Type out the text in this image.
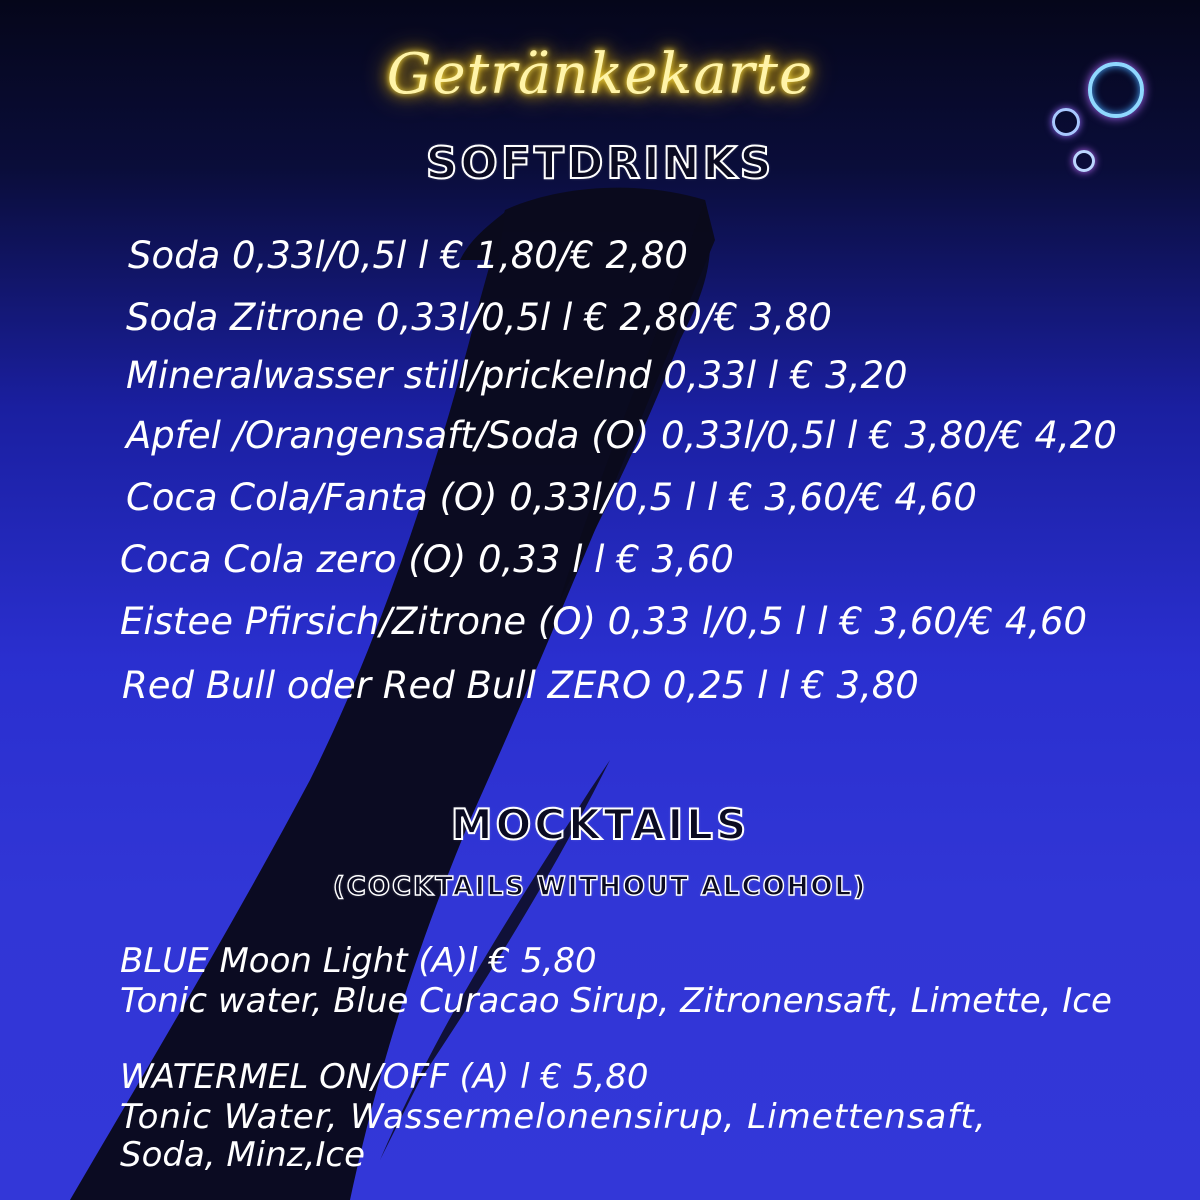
Getränkekarte
SOFTDRINKS
Soda 0,33l/0,5l l € 1,80/€ 2,80
Soda Zitrone 0,33l/0,5l l € 2,80/€ 3,80
Mineralwasser still/prickelnd 0,33l l € 3,20
Apfel /Orangensaft/Soda (O) 0,33l/0,5l l € 3,80/€ 4,20
Coca Cola/Fanta (O) 0,33l/0,5 l l € 3,60/€ 4,60
Coca Cola zero (O) 0,33 l l € 3,60
Eistee Pfirsich/Zitrone (O) 0,33 l/0,5 l l € 3,60/€ 4,60
Red Bull oder Red Bull ZERO 0,25 l l € 3,80
MOCKTAILS
(COCKTAILS WITHOUT ALCOHOL)
BLUE Moon Light (A)l € 5,80
Tonic water, Blue Curacao Sirup, Zitronensaft, Limette, Ice
WATERMEL ON/OFF (A) l € 5,80
Tonic Water, Wassermelonensirup, Limettensaft,
Soda, Minz,Ice
